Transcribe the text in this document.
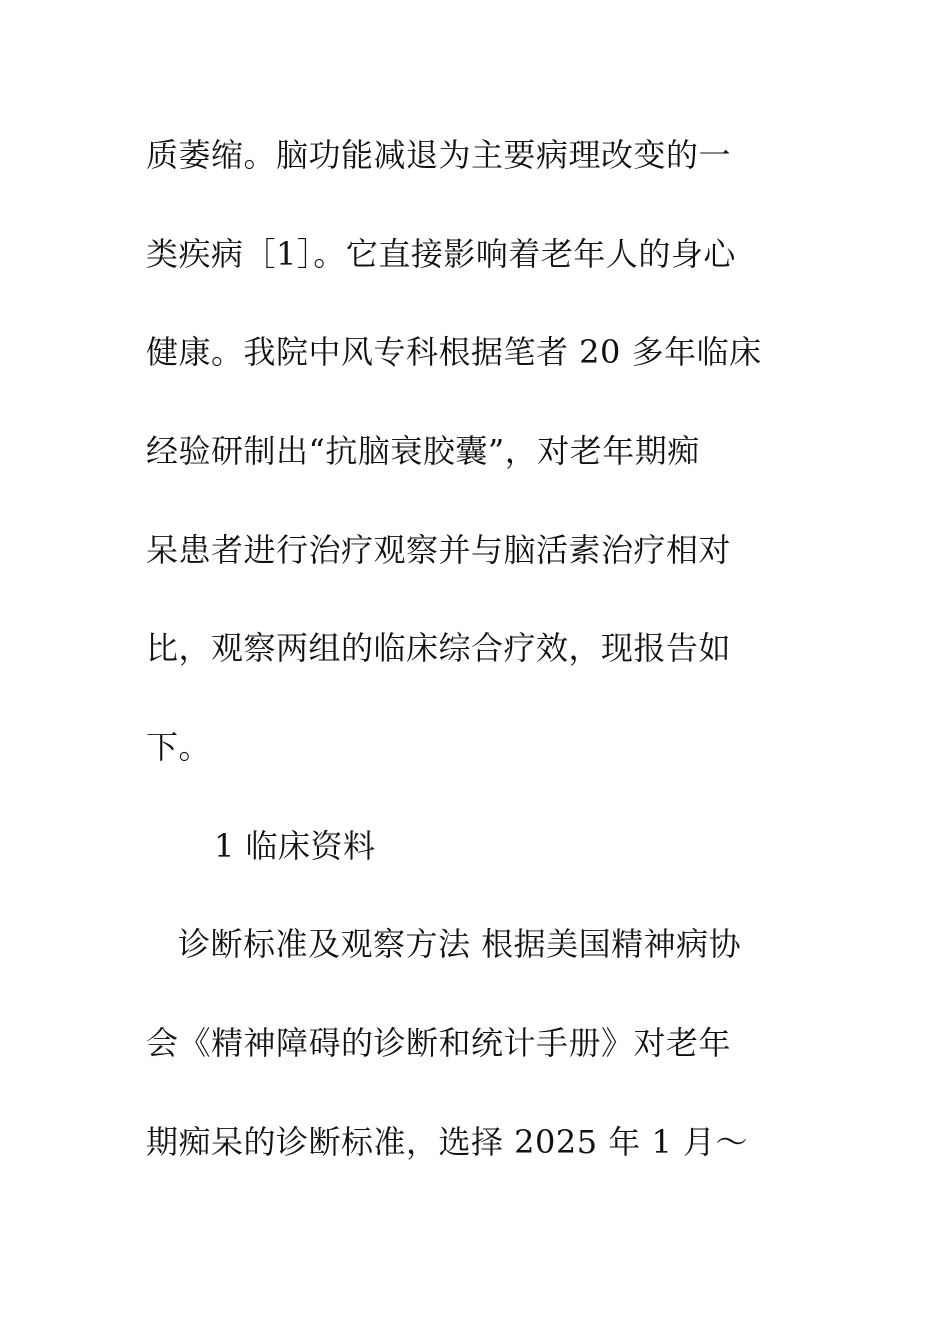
质萎缩。脑功能减退为主要病理改变的一
类疾病［1］。它直接影响着老年人的身心
健康。我院中风专科根据笔者 20 多年临床
经验研制出“抗脑衰胶囊”，对老年期痴
呆患者进行治疗观察并与脑活素治疗相对
比，观察两组的临床综合疗效，现报告如
下。
1 临床资料
诊断标准及观察方法 根据美国精神病协
会《精神障碍的诊断和统计手册》对老年
期痴呆的诊断标准，选择 2025 年 1 月～
